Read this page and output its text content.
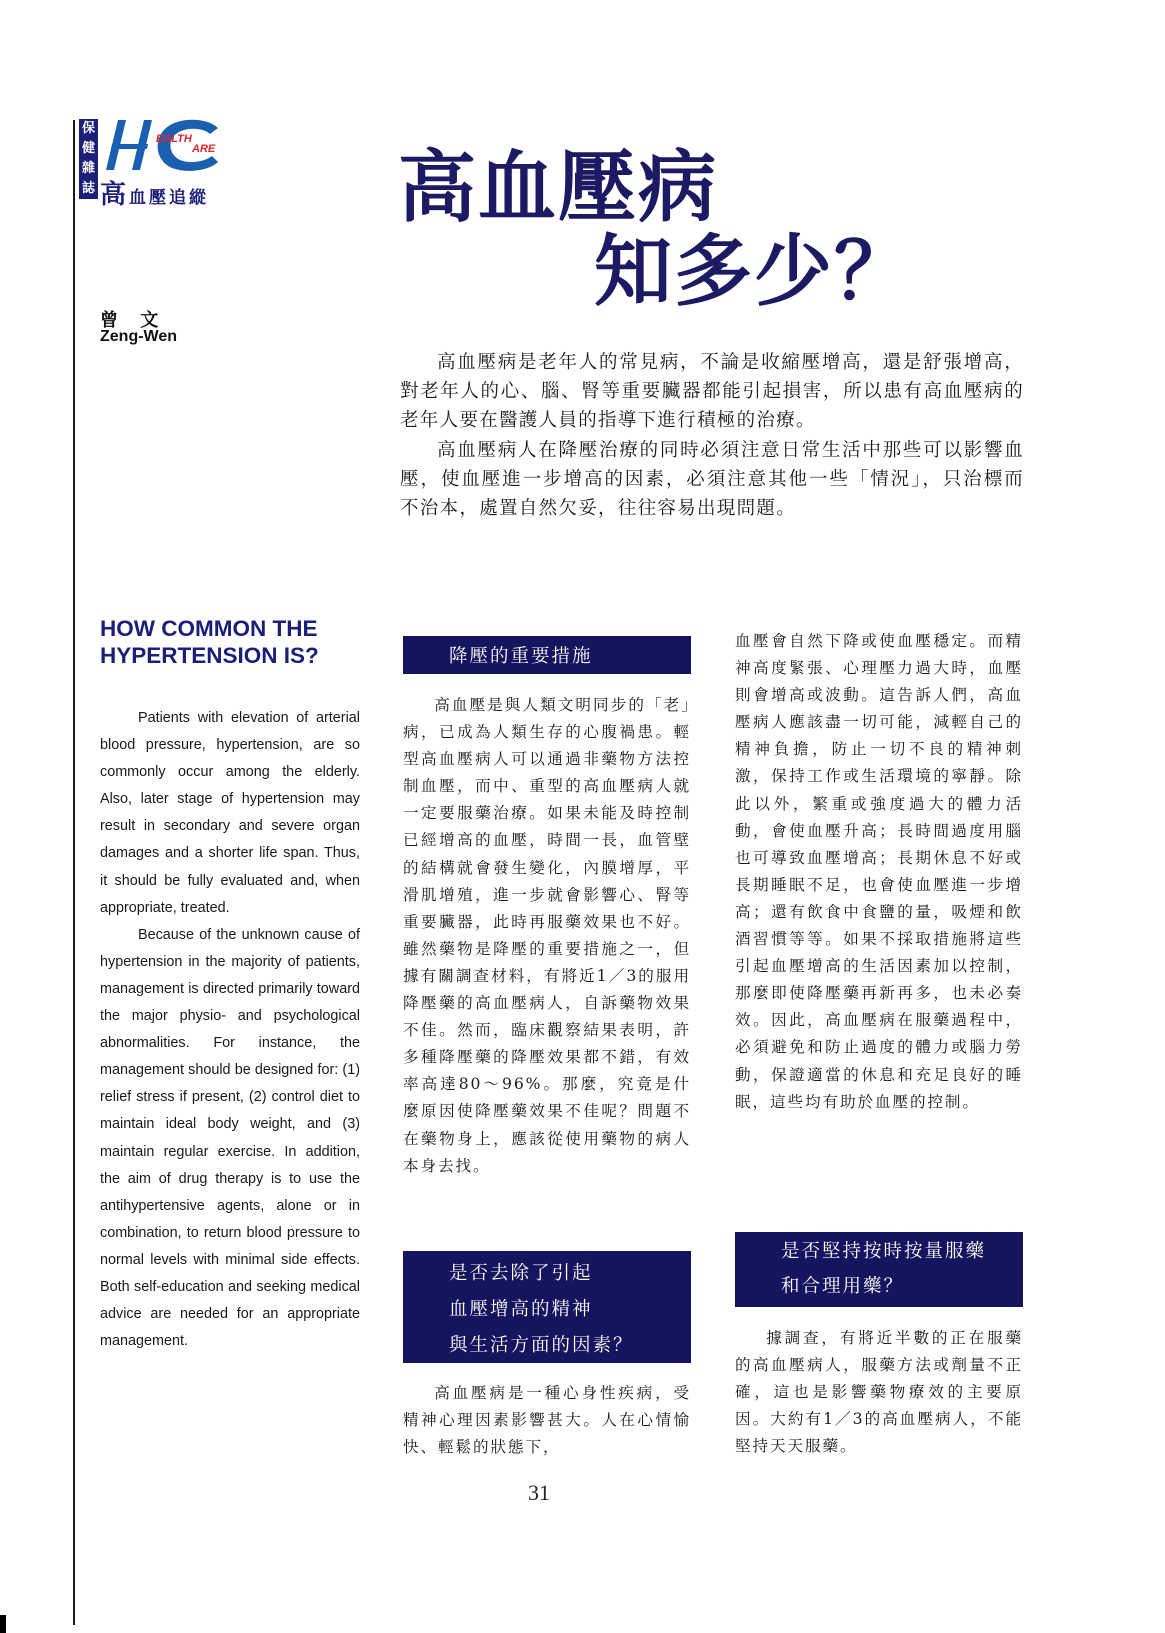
保
健
雜
誌
EALTH
ARE
高血壓追縱 高血壓病
知多少？
曾 文
Zeng-Wen

高血壓病是老年人的常見病，不論是收縮壓增高，還是舒張增高，對老年人的心、腦、腎等重要臟器都能引起損害，所以患有高血壓病的老年人要在醫護人員的指導下進行積極的治療。

高血壓病人在降壓治療的同時必須注意日常生活中那些可以影響血壓，使血壓進一步增高的因素，必須注意其他一些「情況」，只治標而不治本，處置自然欠妥，往往容易出現問題。

HOW COMMON THE HYPERTENSION IS?

Patients with elevation of arterial blood pressure, hypertension, are so commonly occur among the elderly. Also, later stage of hypertension may result in secondary and severe organ damages and a shorter life span. Thus, it should be fully evaluated and, when appropriate, treated.

Because of the unknown cause of hypertension in the majority of patients, management is directed primarily toward the major physio- and psychological abnormalities. For instance, the management should be designed for: (1) relief stress if present, (2) control diet to maintain ideal body weight, and (3) maintain regular exercise. In addition, the aim of drug therapy is to use the antihypertensive agents, alone or in combination, to return blood pressure to normal levels with minimal side effects. Both self-education and seeking medical advice are needed for an appropriate management.

降壓的重要措施

高血壓是與人類文明同步的「老」病，已成為人類生存的心腹禍患。輕型高血壓病人可以通過非藥物方法控制血壓，而中、重型的高血壓病人就一定要服藥治療。如果未能及時控制已經增高的血壓，時間一長，血管壁的結構就會發生變化，內膜增厚，平滑肌增殖，進一步就會影響心、腎等重要臟器，此時再服藥效果也不好。雖然藥物是降壓的重要措施之一，但據有關調查材料，有將近1／3的服用降壓藥的高血壓病人，自訴藥物效果不佳。然而，臨床觀察結果表明，許多種降壓藥的降壓效果都不錯，有效率高達80～96%。那麼，究竟是什麼原因使降壓藥效果不佳呢？問題不在藥物身上，應該從使用藥物的病人本身去找。

是否去除了引起
血壓增高的精神
與生活方面的因素？

高血壓病是一種心身性疾病，受精神心理因素影響甚大。人在心情愉快、輕鬆的狀態下，

血壓會自然下降或使血壓穩定。而精神高度緊張、心理壓力過大時，血壓則會增高或波動。這告訴人們，高血壓病人應該盡一切可能，減輕自己的精神負擔，防止一切不良的精神刺激，保持工作或生活環境的寧靜。除此以外，繁重或強度過大的體力活動，會使血壓升高；長時間過度用腦也可導致血壓增高；長期休息不好或長期睡眠不足，也會使血壓進一步增高；還有飲食中食鹽的量，吸煙和飲酒習慣等等。如果不採取措施將這些引起血壓增高的生活因素加以控制，那麼即使降壓藥再新再多，也未必奏效。因此，高血壓病在服藥過程中，必須避免和防止過度的體力或腦力勞動，保證適當的休息和充足良好的睡眠，這些均有助於血壓的控制。

是否堅持按時按量服藥
和合理用藥？

據調查，有將近半數的正在服藥的高血壓病人，服藥方法或劑量不正確，這也是影響藥物療效的主要原因。大約有1／3的高血壓病人，不能堅持天天服藥。

31
